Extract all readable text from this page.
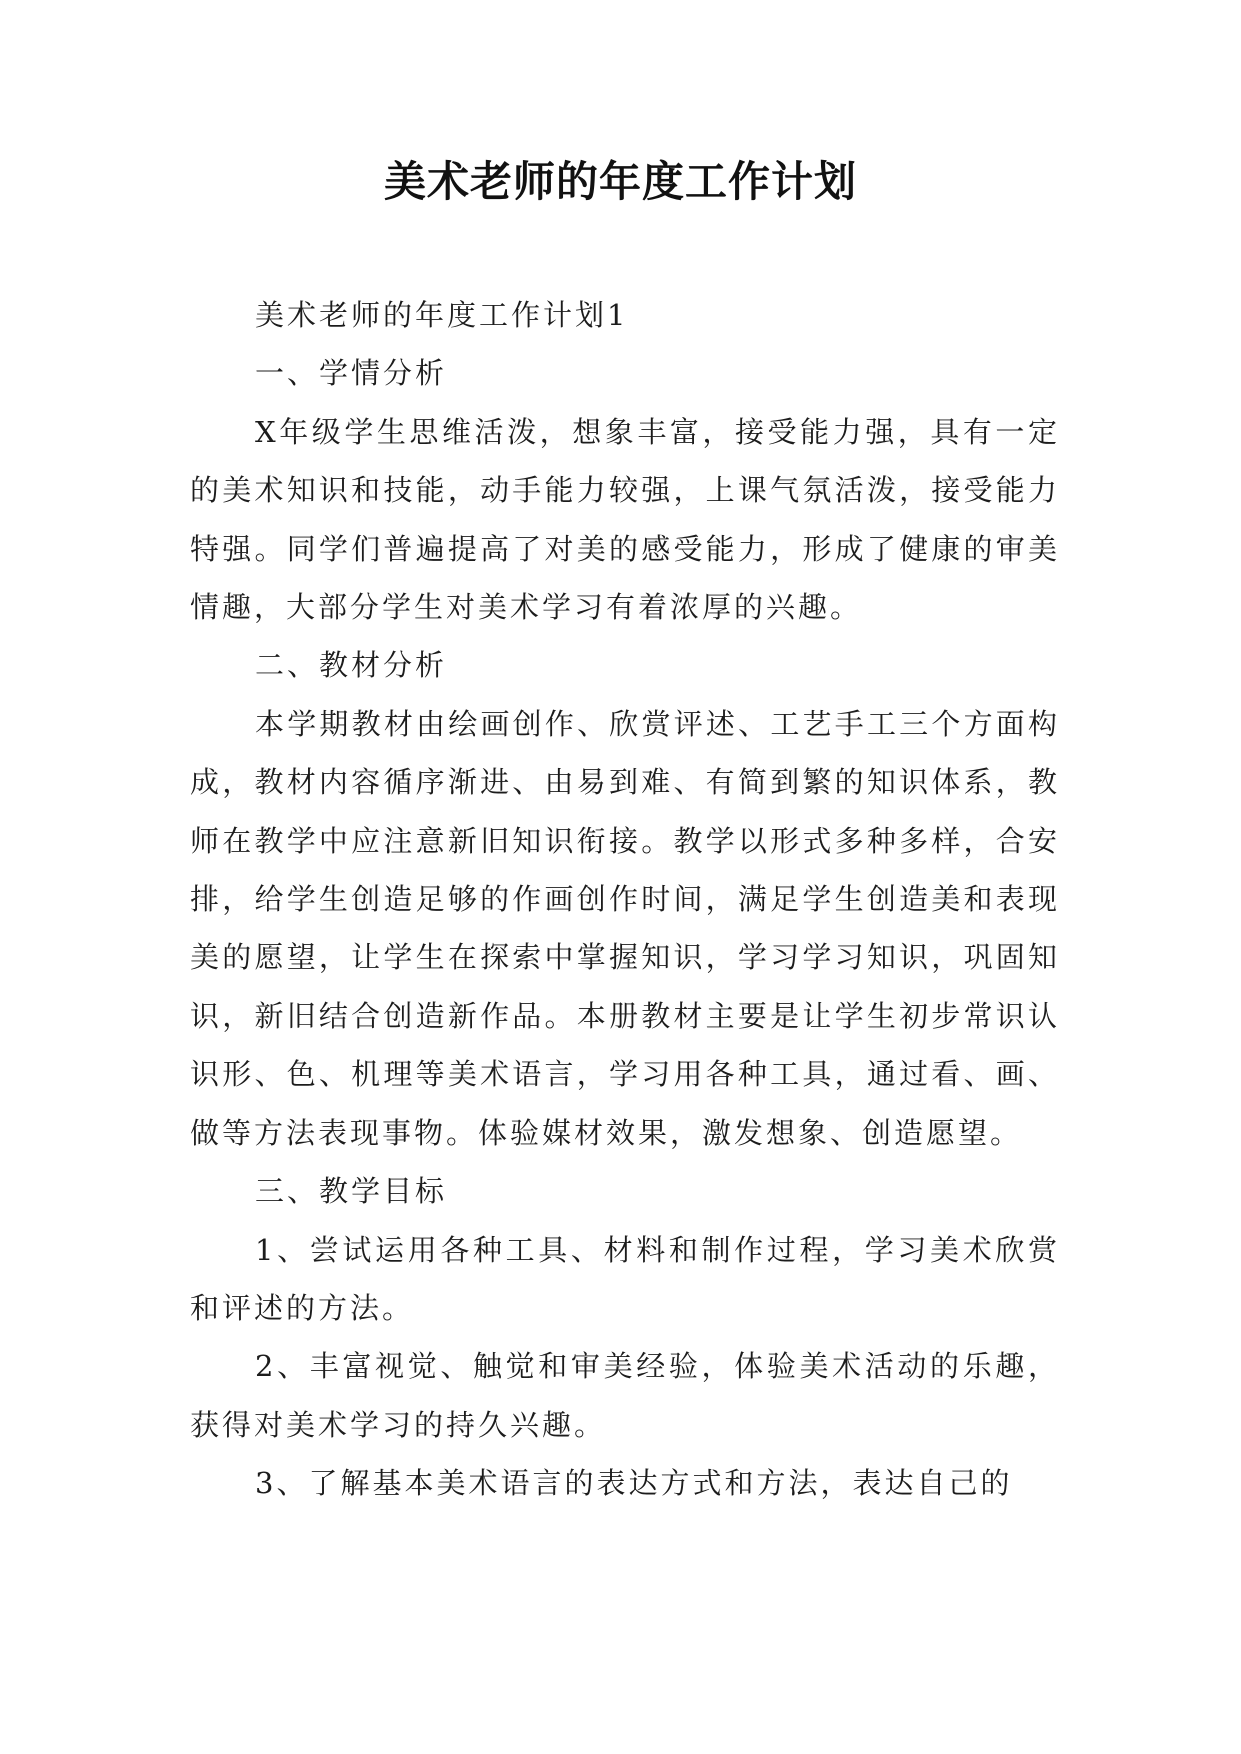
美术老师的年度工作计划

美术老师的年度工作计划1

一、学情分析

X年级学生思维活泼，想象丰富，接受能力强，具有一定的美术知识和技能，动手能力较强，上课气氛活泼，接受能力特强。同学们普遍提高了对美的感受能力，形成了健康的审美情趣，大部分学生对美术学习有着浓厚的兴趣。

二、教材分析

本学期教材由绘画创作、欣赏评述、工艺手工三个方面构成，教材内容循序渐进、由易到难、有简到繁的知识体系，教师在教学中应注意新旧知识衔接。教学以形式多种多样，合安排，给学生创造足够的作画创作时间，满足学生创造美和表现美的愿望，让学生在探索中掌握知识，学习学习知识，巩固知识，新旧结合创造新作品。本册教材主要是让学生初步常识认识形、色、机理等美术语言，学习用各种工具，通过看、画、做等方法表现事物。体验媒材效果，激发想象、创造愿望。

三、教学目标

1、尝试运用各种工具、材料和制作过程，学习美术欣赏和评述的方法。

2、丰富视觉、触觉和审美经验，体验美术活动的乐趣，获得对美术学习的持久兴趣。

3、了解基本美术语言的表达方式和方法，表达自己的
